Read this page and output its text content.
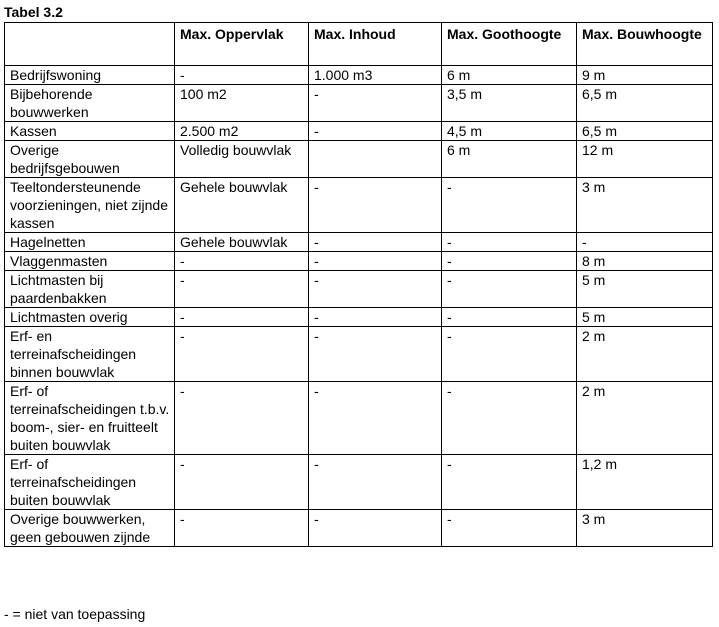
Tabel 3.2
	Max. Oppervlak	Max. Inhoud	Max. Goothoogte	Max. Bouwhoogte
Bedrijfswoning	-	1.000 m3	6 m	9 m
Bijbehorende bouwwerken	100 m2	-	3,5 m	6,5 m
Kassen	2.500 m2	-	4,5 m	6,5 m
Overige bedrijfsgebouwen	Volledig bouwvlak		6 m	12 m
Teeltondersteunende voorzieningen, niet zijnde kassen	Gehele bouwvlak	-	-	3 m
Hagelnetten	Gehele bouwvlak	-	-	-
Vlaggenmasten	-	-	-	8 m
Lichtmasten bij paardenbakken	-	-	-	5 m
Lichtmasten overig	-	-	-	5 m
Erf- en terreinafscheidingen binnen bouwvlak	-	-	-	2 m
Erf- of terreinafscheidingen t.b.v. boom-, sier- en fruitteelt buiten bouwvlak	-	-	-	2 m
Erf- of terreinafscheidingen buiten bouwvlak	-	-	-	1,2 m
Overige bouwwerken, geen gebouwen zijnde	-	-	-	3 m
- = niet van toepassing
